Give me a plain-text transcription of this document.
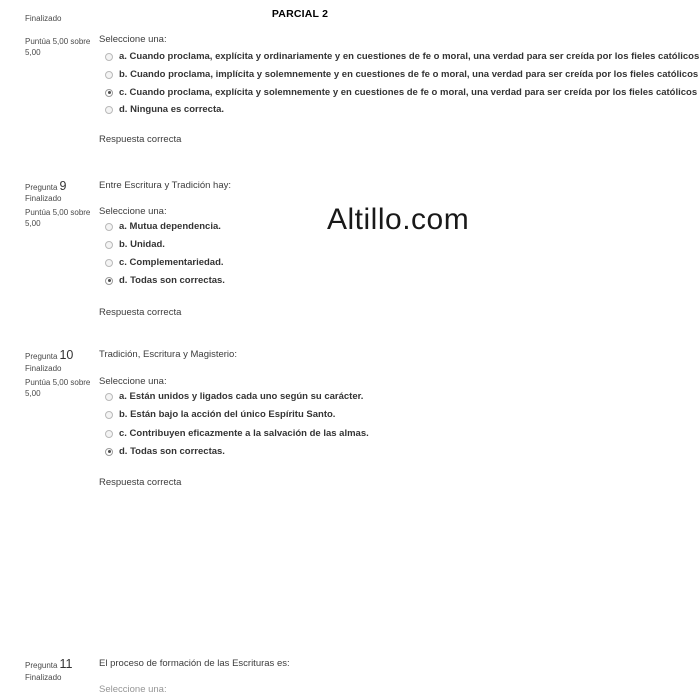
PARCIAL 2
Finalizado
Puntúa 5,00 sobre
5,00
Seleccione una:
a. Cuando proclama, explícita y ordinariamente y en cuestiones de fe o moral, una verdad para ser creída por los fieles católicos
b. Cuando proclama, implícita y solemnemente y en cuestiones de fe o moral, una verdad para ser creída por los fieles católicos
c. Cuando proclama, explícita y solemnemente y en cuestiones de fe o moral, una verdad para ser creída por los fieles católicos
d. Ninguna es correcta.
Respuesta correcta
Pregunta 9
Finalizado
Puntúa 5,00 sobre
5,00
Entre Escritura y Tradición hay:
Seleccione una:
a. Mutua dependencia.
b. Unidad.
c. Complementariedad.
d. Todas son correctas.
Respuesta correcta
Altillo.com
Pregunta 10
Finalizado
Puntúa 5,00 sobre
5,00
Tradición, Escritura y Magisterio:
Seleccione una:
a. Están unidos y ligados cada uno según su carácter.
b. Están bajo la acción del único Espíritu Santo.
c. Contribuyen eficazmente a la salvación de las almas.
d. Todas son correctas.
Respuesta correcta
Pregunta 11
Finalizado
El proceso de formación de las Escrituras es:
Seleccione una:
